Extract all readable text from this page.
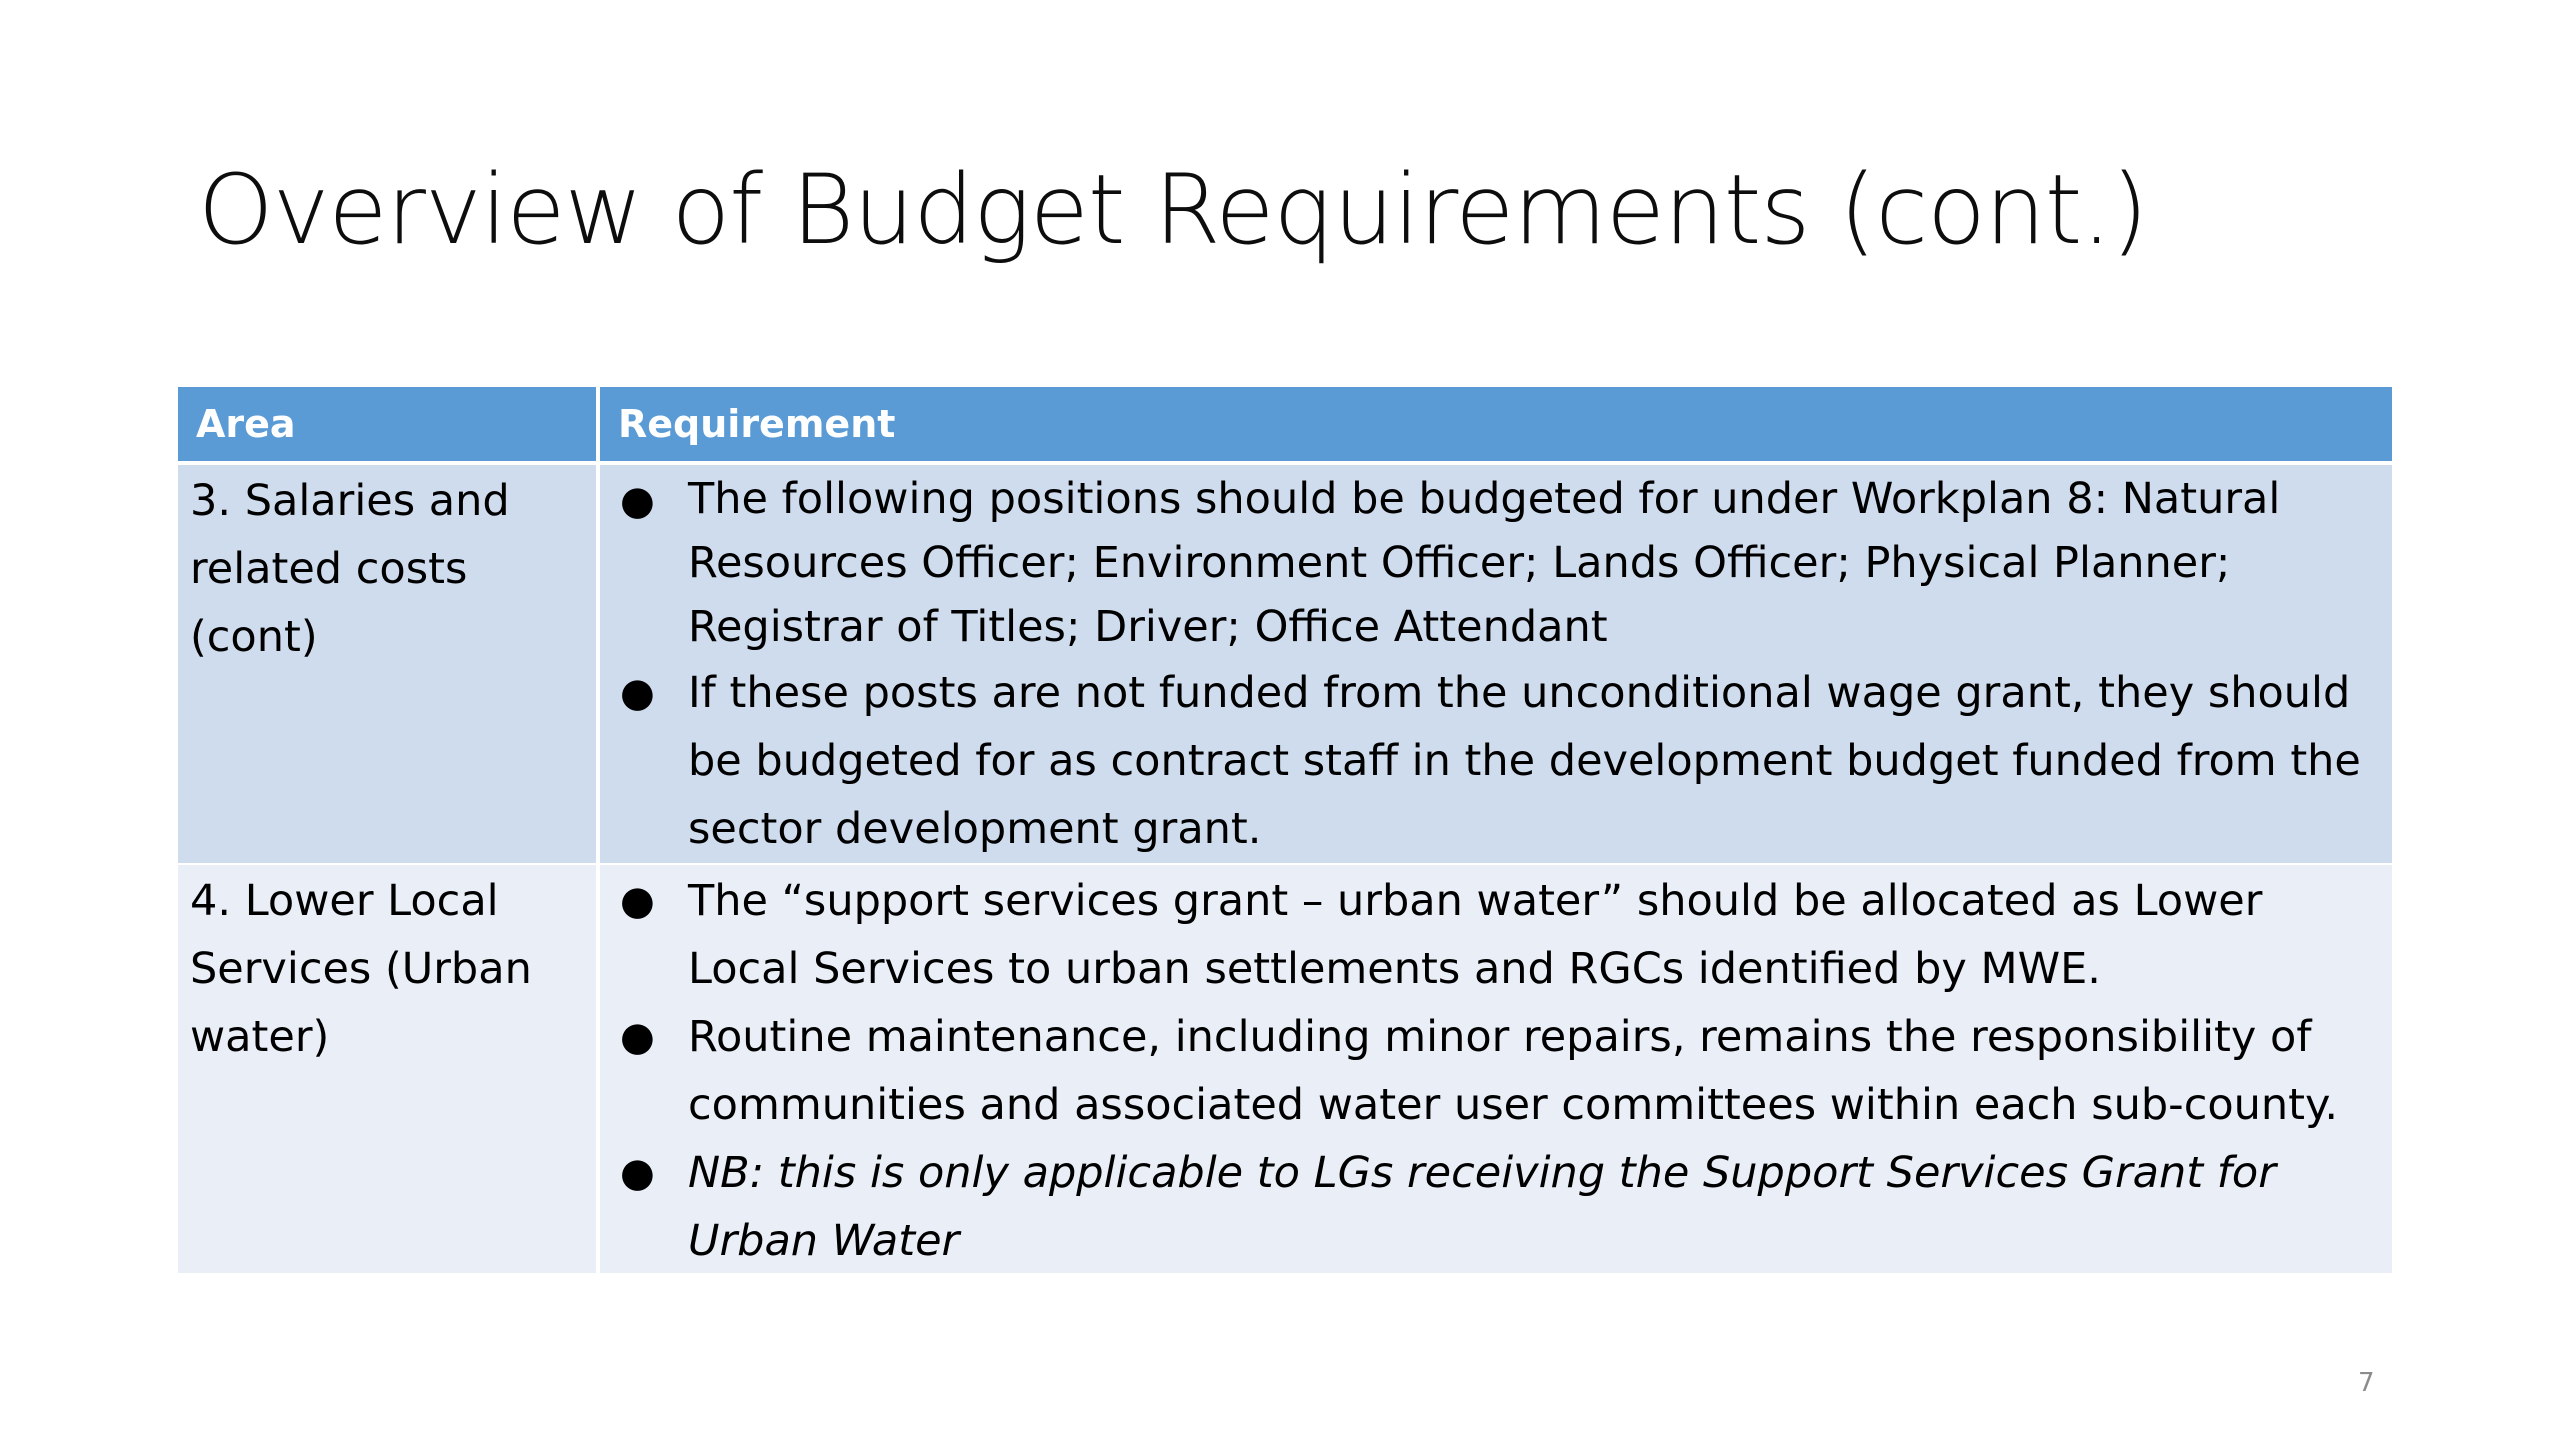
Overview of Budget Requirements (cont.)
Area	Requirement
3. Salaries and
related costs
(cont)
● The following positions should be budgeted for under Workplan 8: Natural
Resources Officer; Environment Officer; Lands Officer; Physical Planner;
Registrar of Titles; Driver; Office Attendant
● If these posts are not funded from the unconditional wage grant, they should
be budgeted for as contract staff in the development budget funded from the
sector development grant.
4. Lower Local
Services (Urban
water)
● The “support services grant – urban water” should be allocated as Lower
Local Services to urban settlements and RGCs identified by MWE.
● Routine maintenance, including minor repairs, remains the responsibility of
communities and associated water user committees within each sub-county.
● NB: this is only applicable to LGs receiving the Support Services Grant for
Urban Water
7
